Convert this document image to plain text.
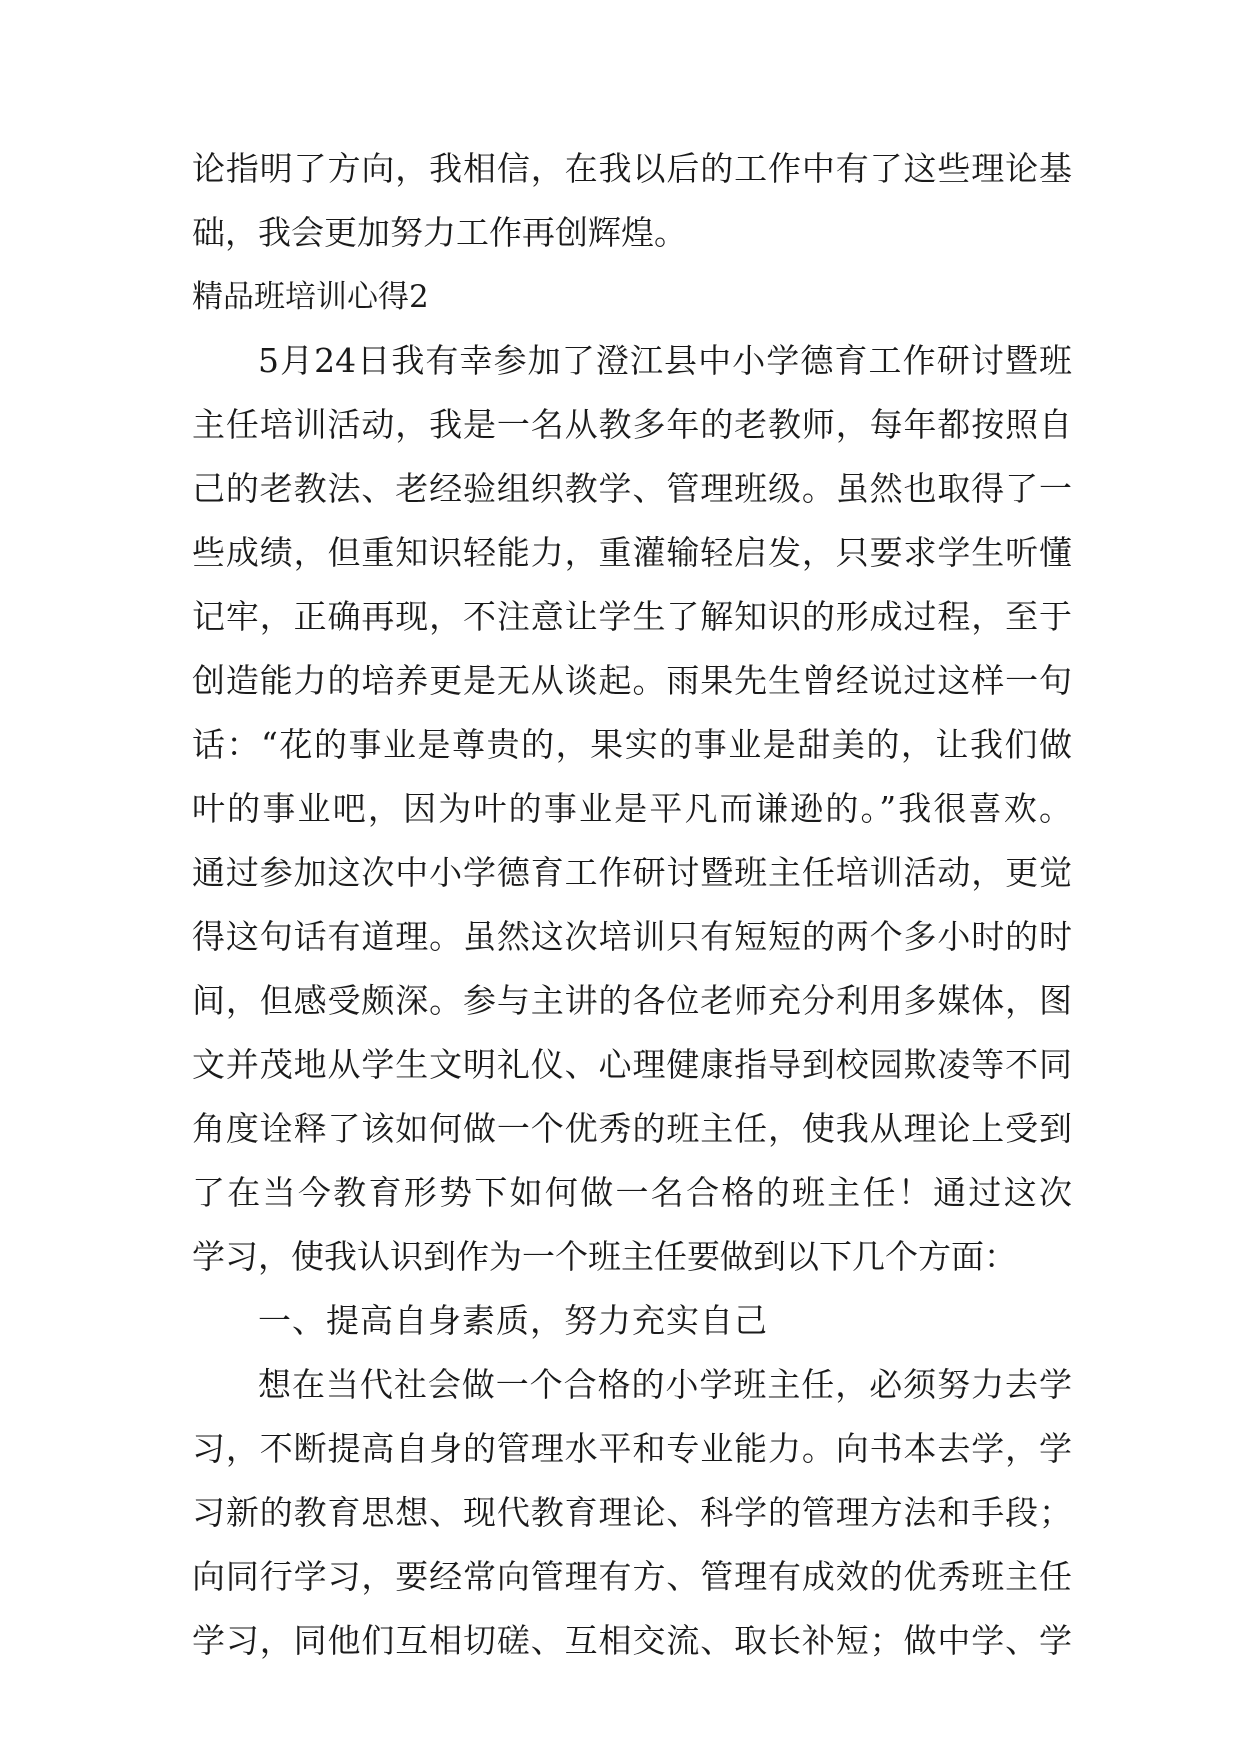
论指明了方向，我相信，在我以后的工作中有了这些理论基
础，我会更加努力工作再创辉煌。
精品班培训心得2
5月24日我有幸参加了澄江县中小学德育工作研讨暨班
主任培训活动，我是一名从教多年的老教师，每年都按照自
己的老教法、老经验组织教学、管理班级。虽然也取得了一
些成绩，但重知识轻能力，重灌输轻启发，只要求学生听懂
记牢，正确再现，不注意让学生了解知识的形成过程，至于
创造能力的培养更是无从谈起。雨果先生曾经说过这样一句
话：“花的事业是尊贵的，果实的事业是甜美的，让我们做
叶的事业吧，因为叶的事业是平凡而谦逊的。”我很喜欢。
通过参加这次中小学德育工作研讨暨班主任培训活动，更觉
得这句话有道理。虽然这次培训只有短短的两个多小时的时
间，但感受颇深。参与主讲的各位老师充分利用多媒体，图
文并茂地从学生文明礼仪、心理健康指导到校园欺凌等不同
角度诠释了该如何做一个优秀的班主任，使我从理论上受到
了在当今教育形势下如何做一名合格的班主任！通过这次
学习，使我认识到作为一个班主任要做到以下几个方面：
一、提高自身素质，努力充实自己
想在当代社会做一个合格的小学班主任，必须努力去学
习，不断提高自身的管理水平和专业能力。向书本去学，学
习新的教育思想、现代教育理论、科学的管理方法和手段；
向同行学习，要经常向管理有方、管理有成效的优秀班主任
学习，同他们互相切磋、互相交流、取长补短；做中学、学
